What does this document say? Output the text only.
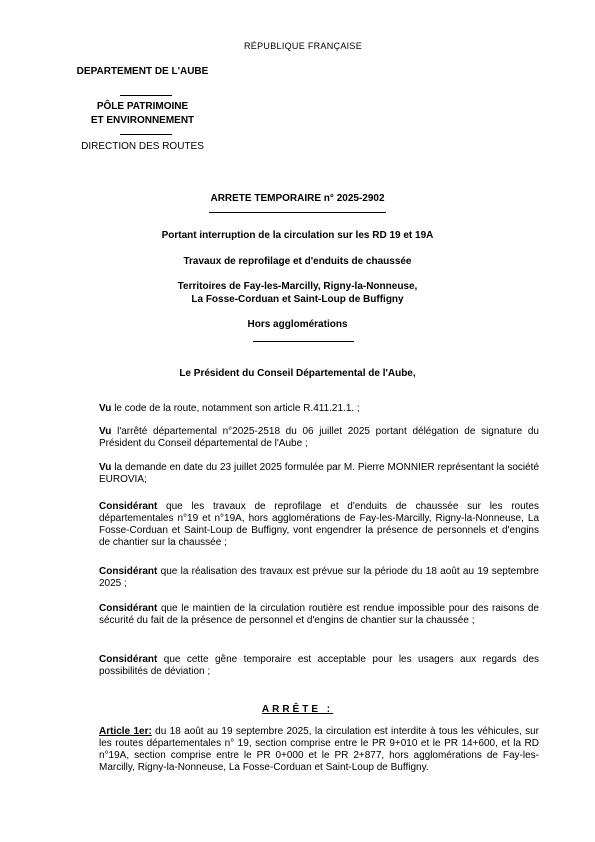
RÉPUBLIQUE FRANÇAISE
DEPARTEMENT DE L'AUBE
PÔLE PATRIMOINE
ET ENVIRONNEMENT
DIRECTION DES ROUTES
ARRETE TEMPORAIRE n° 2025-2902
Portant interruption de la circulation sur les RD 19 et 19A
Travaux de reprofilage et d'enduits de chaussée
Territoires de Fay-les-Marcilly, Rigny-la-Nonneuse,
La Fosse-Corduan et Saint-Loup de Buffigny
Hors agglomérations
Le Président du Conseil Départemental de l'Aube,
Vu le code de la route, notamment son article R.411.21.1. ;
Vu l'arrêté départemental n°2025-2518 du 06 juillet 2025 portant délégation de signature du Président du Conseil départemental de l'Aube ;
Vu la demande en date du 23 juillet 2025 formulée par M. Pierre MONNIER représentant la société EUROVIA;
Considérant que les travaux de reprofilage et d'enduits de chaussée sur les routes départementales n°19 et n°19A, hors agglomérations de Fay-les-Marcilly, Rigny-la-Nonneuse, La Fosse-Corduan et Saint-Loup de Buffigny, vont engendrer la présence de personnels et d'engins de chantier sur la chaussée ;
Considérant que la réalisation des travaux est prévue sur la période du 18 août au 19 septembre 2025 ;
Considérant que le maintien de la circulation routière est rendue impossible pour des raisons de sécurité du fait de la présence de personnel et d'engins de chantier sur la chaussée ;
Considérant que cette gêne temporaire est acceptable pour les usagers aux regards des possibilités de déviation ;
ARRÊTE :
Article 1er: du 18 août au 19 septembre 2025, la circulation est interdite à tous les véhicules, sur les routes départementales n° 19, section comprise entre le PR 9+010 et le PR 14+600, et la RD n°19A, section comprise entre le PR 0+000 et le PR 2+877, hors agglomérations de Fay-les-Marcilly, Rigny-la-Nonneuse, La Fosse-Corduan et Saint-Loup de Buffigny.
